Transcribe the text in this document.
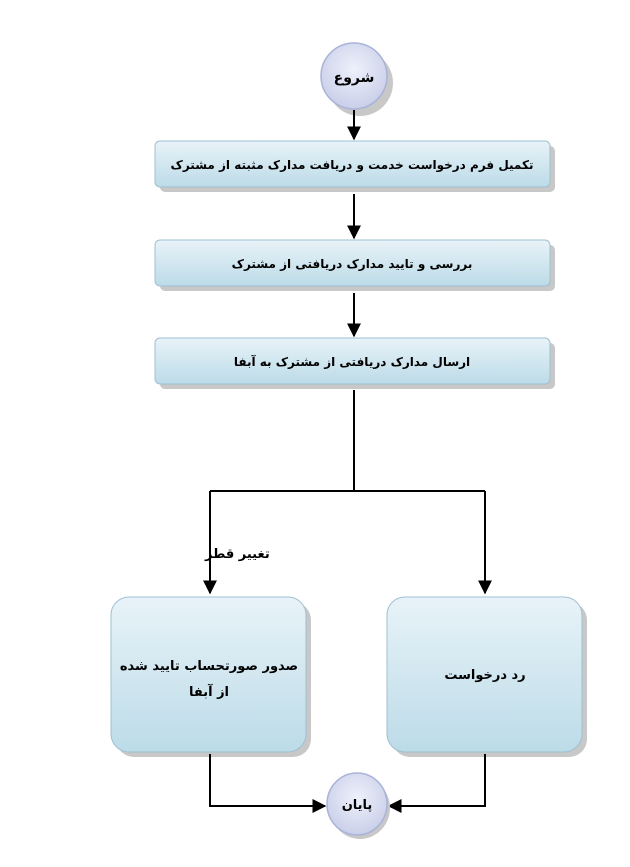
شروع
تکمیل فرم درخواست خدمت و دریافت مدارک مثبته از مشترک
بررسی و تایید مدارک دریافتی از مشترک
ارسال مدارک دریافتی از مشترک به آبفا
تغییر قطر
صدور صورتحساب تایید شده
از آبفا
رد درخواست
پایان
